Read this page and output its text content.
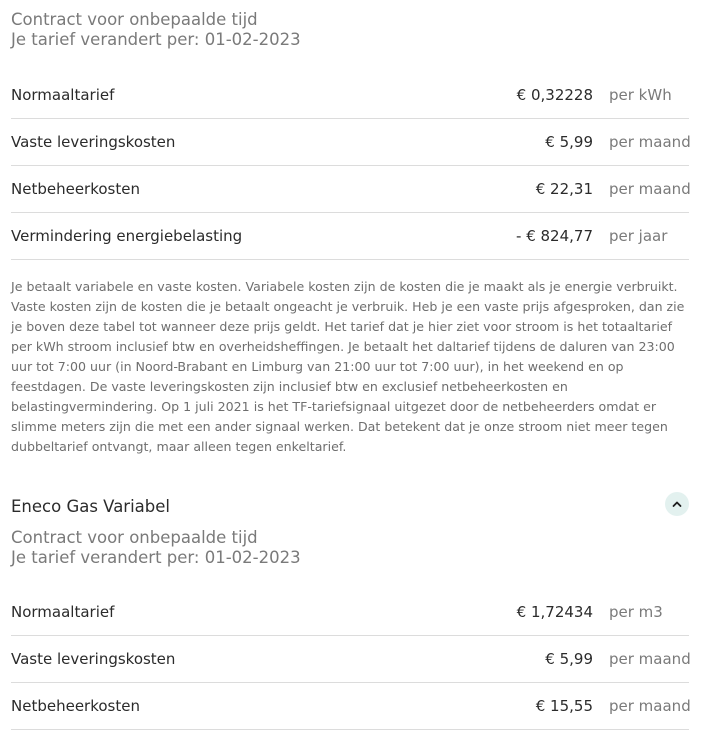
Contract voor onbepaalde tijd
Je tarief verandert per: 01-02-2023
Normaaltarief	€ 0,32228 per kWh
Vaste leveringskosten	€ 5,99 per maand
Netbeheerkosten	€ 22,31 per maand
Vermindering energiebelasting	- € 824,77 per jaar
Je betaalt variabele en vaste kosten. Variabele kosten zijn de kosten die je maakt als je energie verbruikt. Vaste kosten zijn de kosten die je betaalt ongeacht je verbruik. Heb je een vaste prijs afgesproken, dan zie je boven deze tabel tot wanneer deze prijs geldt. Het tarief dat je hier ziet voor stroom is het totaaltarief per kWh stroom inclusief btw en overheidsheffingen. Je betaalt het daltarief tijdens de daluren van 23:00 uur tot 7:00 uur (in Noord-Brabant en Limburg van 21:00 uur tot 7:00 uur), in het weekend en op feestdagen. De vaste leveringskosten zijn inclusief btw en exclusief netbeheerkosten en belastingvermindering. Op 1 juli 2021 is het TF-tariefsignaal uitgezet door de netbeheerders omdat er slimme meters zijn die met een ander signaal werken. Dat betekent dat je onze stroom niet meer tegen dubbeltarief ontvangt, maar alleen tegen enkeltarief.
Eneco Gas Variabel
Contract voor onbepaalde tijd
Je tarief verandert per: 01-02-2023
Normaaltarief	€ 1,72434 per m3
Vaste leveringskosten	€ 5,99 per maand
Netbeheerkosten	€ 15,55 per maand
